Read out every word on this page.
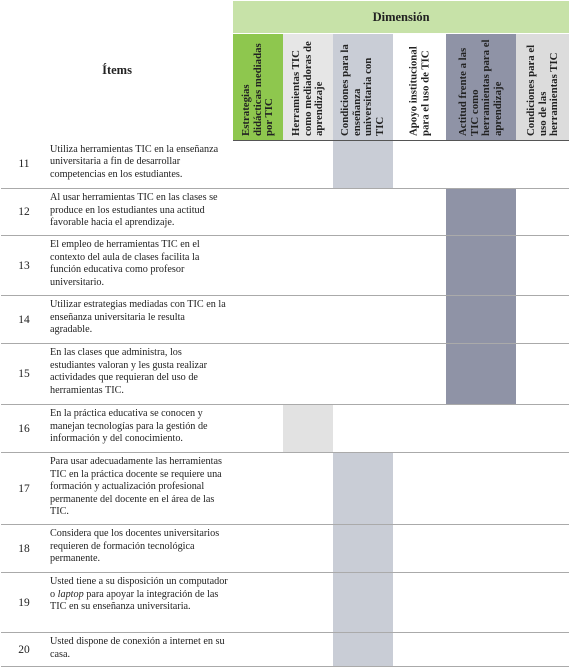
Ítems		Dimensión					

		Estrategias didácticas mediadas por TIC	Herramientas TIC como mediadoras de aprendizaje	Condiciones para la enseñanza universitaria con TIC	Apoyo institucional para el uso de TIC	Actitud frente a las TIC como herramientas para el aprendizaje	Condiciones para el uso de las herramientas TIC

11	Utiliza herramientas TIC en la enseñanza universitaria a fin de desarrollar competencias en los estudiantes.						
12	Al usar herramientas TIC en las clases se produce en los estudiantes una actitud favorable hacia el aprendizaje.						
13	El empleo de herramientas TIC en el contexto del aula de clases facilita la función educativa como profesor universitario.						
14	Utilizar estrategias mediadas con TIC en la enseñanza universitaria le resulta agradable.						
15	En las clases que administra, los estudiantes valoran y les gusta realizar actividades que requieran del uso de herramientas TIC.						
16	En la práctica educativa se conocen y manejan tecnologías para la gestión de información y del conocimiento.						
17	Para usar adecuadamente las herramientas TIC en la práctica docente se requiere una formación y actualización profesional permanente del docente en el área de las TIC.						
18	Considera que los docentes universitarios requieren de formación tecnológica permanente.						
19	Usted tiene a su disposición un computador o laptop para apoyar la integración de las TIC en su enseñanza universitaria.						
20	Usted dispone de conexión a internet en su casa.						
